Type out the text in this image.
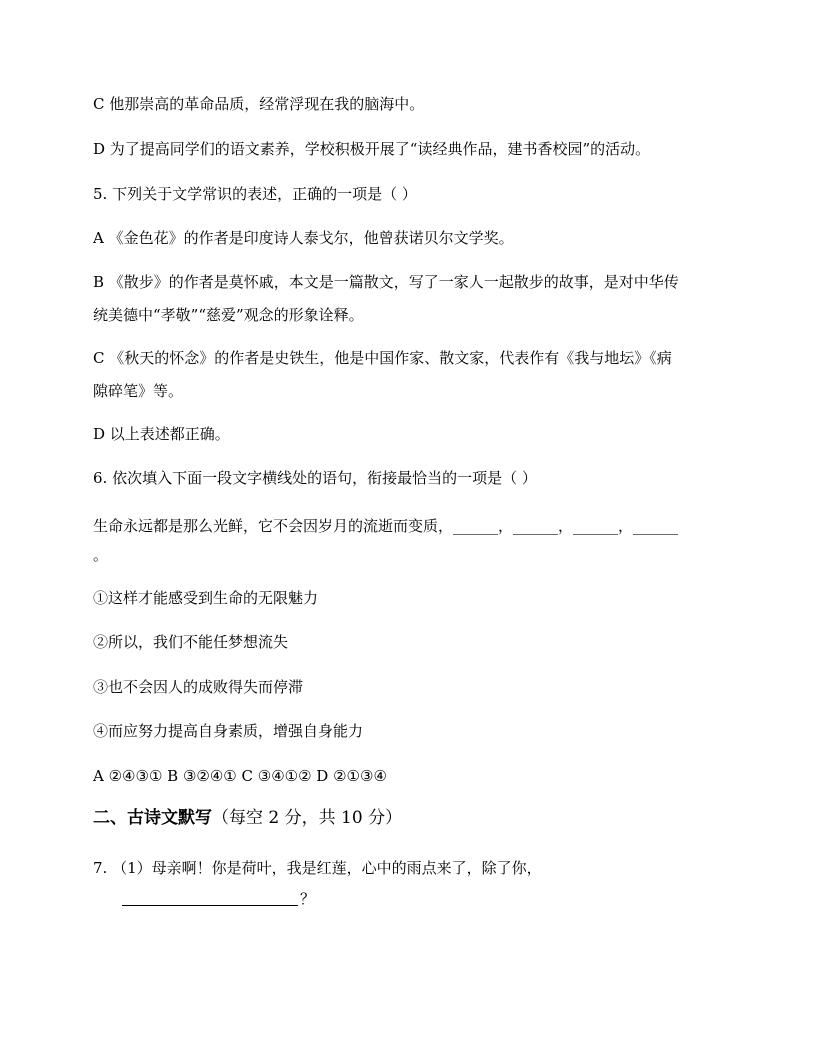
C 他那崇高的革命品质，经常浮现在我的脑海中。
D 为了提高同学们的语文素养，学校积极开展了“读经典作品，建书香校园”的活动。
5. 下列关于文学常识的表述，正确的一项是（ ）
A 《金色花》的作者是印度诗人泰戈尔，他曾获诺贝尔文学奖。
B 《散步》的作者是莫怀戚，本文是一篇散文，写了一家人一起散步的故事，是对中华传
统美德中“孝敬”“慈爱”观念的形象诠释。
C 《秋天的怀念》的作者是史铁生，他是中国作家、散文家，代表作有《我与地坛》《病
隙碎笔》等。
D 以上表述都正确。
6. 依次填入下面一段文字横线处的语句，衔接最恰当的一项是（ ）
生命永远都是那么光鲜，它不会因岁月的流逝而变质，______，______，______，______
。
①这样才能感受到生命的无限魅力
②所以，我们不能任梦想流失
③也不会因人的成败得失而停滞
④而应努力提高自身素质，增强自身能力
A ②④③① B ③②④① C ③④①② D ②①③④
二、古诗文默写（每空 2 分，共 10 分）
7. （1）母亲啊！你是荷叶，我是红莲，心中的雨点来了，除了你，
？
